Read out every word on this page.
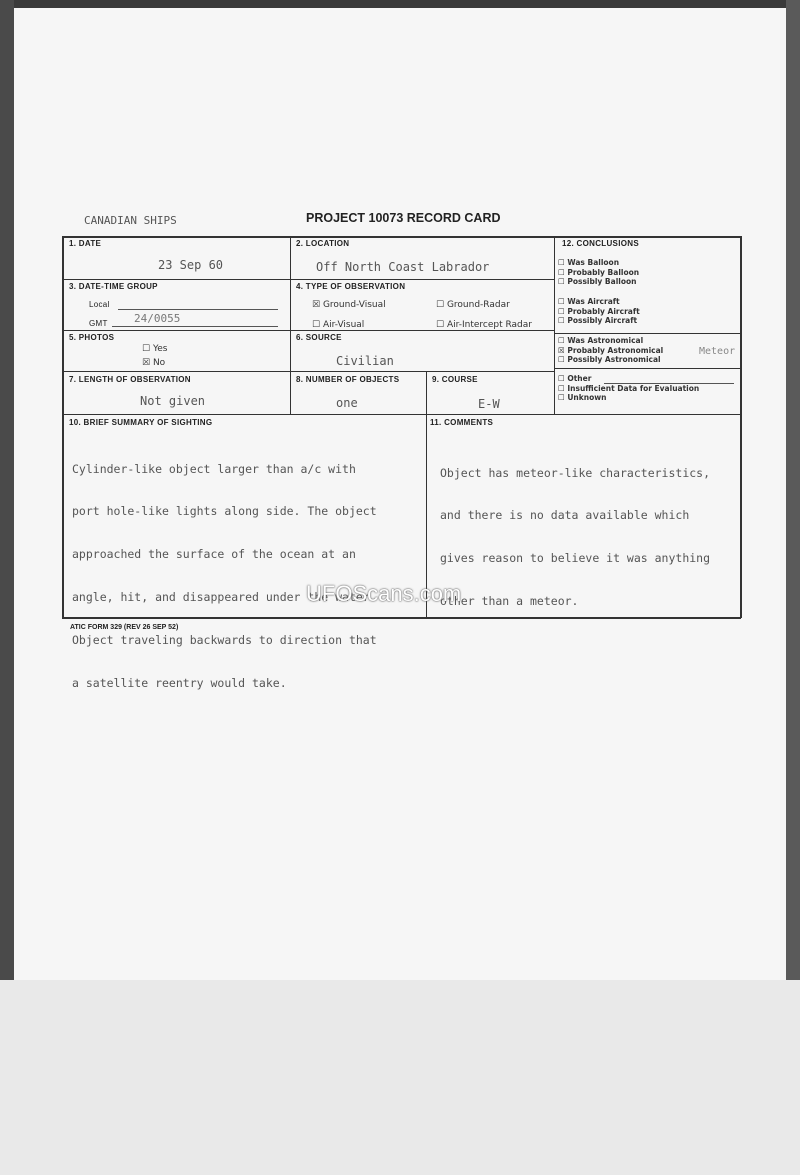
CANADIAN SHIPS	PROJECT 10073 RECORD CARD
1. DATE
23 Sep 60
2. LOCATION
Off North Coast Labrador
3. DATE-TIME GROUP
Local
GMT 24/0055
4. TYPE OF OBSERVATION
☒ Ground-Visual	☐ Ground-Radar
☐ Air-Visual	☐ Air-Intercept Radar
5. PHOTOS
☐ Yes
☒ No
6. SOURCE
Civilian
7. LENGTH OF OBSERVATION
Not given
8. NUMBER OF OBJECTS
one
9. COURSE
E-W
12. CONCLUSIONS
☐ Was Balloon
☐ Probably Balloon
☐ Possibly Balloon
☐ Was Aircraft
☐ Probably Aircraft
☐ Possibly Aircraft
☐ Was Astronomical
☒ Probably Astronomical
☐ Possibly Astronomical
Meteor
☐ Other
☐ Insufficient Data for Evaluation
☐ Unknown
10. BRIEF SUMMARY OF SIGHTING

Cylinder-like object larger than a/c with

port hole-like lights along side. The object

approached the surface of the ocean at an

angle, hit, and disappeared under the water

Object traveling backwards to direction that

a satellite reentry would take.

11. COMMENTS

Object has meteor-like characteristics,

and there is no data available which

gives reason to believe it was anything

other than a meteor.

ATIC FORM 329 (REV 26 SEP 52)
UFOScans.com
